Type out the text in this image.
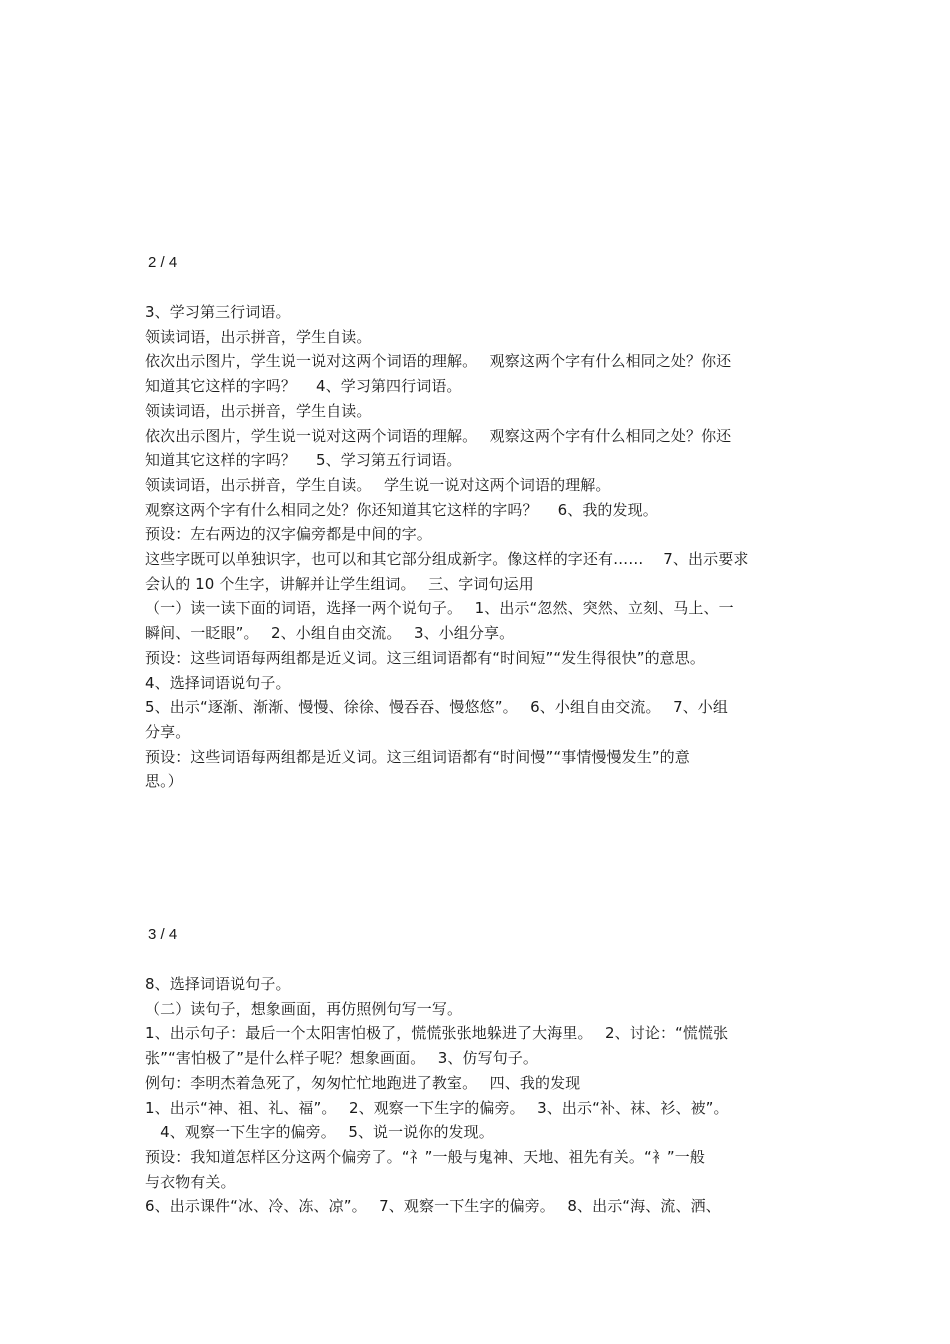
2 / 4
3、学习第三行词语。
领读词语，出示拼音，学生自读。
依次出示图片，学生说一说对这两个词语的理解。　 观察这两个字有什么相同之处？你还
知道其它这样的字吗？　 4、学习第四行词语。
领读词语，出示拼音，学生自读。
依次出示图片，学生说一说对这两个词语的理解。　 观察这两个字有什么相同之处？你还
知道其它这样的字吗？　 5、学习第五行词语。
领读词语，出示拼音，学生自读。　 学生说一说对这两个词语的理解。
观察这两个字有什么相同之处？你还知道其它这样的字吗？　 6、我的发现。
预设：左右两边的汉字偏旁都是中间的字。
这些字既可以单独识字，也可以和其它部分组成新字。像这样的字还有……　 7、出示要求
会认的 10 个生字，讲解并让学生组词。　 三、字词句运用
（一）读一读下面的词语，选择一两个说句子。　 1、出示“忽然、突然、立刻、马上、一
瞬间、一眨眼”。　 2、小组自由交流。　 3、小组分享。
预设：这些词语每两组都是近义词。这三组词语都有“时间短”“发生得很快”的意思。
4、选择词语说句子。
5、出示“逐渐、渐渐、慢慢、徐徐、慢吞吞、慢悠悠”。　 6、小组自由交流。　 7、小组
分享。
预设：这些词语每两组都是近义词。这三组词语都有“时间慢”“事情慢慢发生”的意
思。）
3 / 4
8、选择词语说句子。
（二）读句子，想象画面，再仿照例句写一写。
1、出示句子：最后一个太阳害怕极了，慌慌张张地躲进了大海里。　 2、讨论：“慌慌张
张”“害怕极了”是什么样子呢？想象画面。　 3、仿写句子。
例句：李明杰着急死了，匆匆忙忙地跑进了教室。　 四、我的发现
1、出示“神、祖、礼、福”。　 2、观察一下生字的偏旁。　 3、出示“补、袜、衫、被”。
　4、观察一下生字的偏旁。　 5、说一说你的发现。
预设：我知道怎样区分这两个偏旁了。“礻”一般与鬼神、天地、祖先有关。“衤”一般
与衣物有关。
6、出示课件“冰、冷、冻、凉”。　 7、观察一下生字的偏旁。　 8、出示“海、流、洒、
